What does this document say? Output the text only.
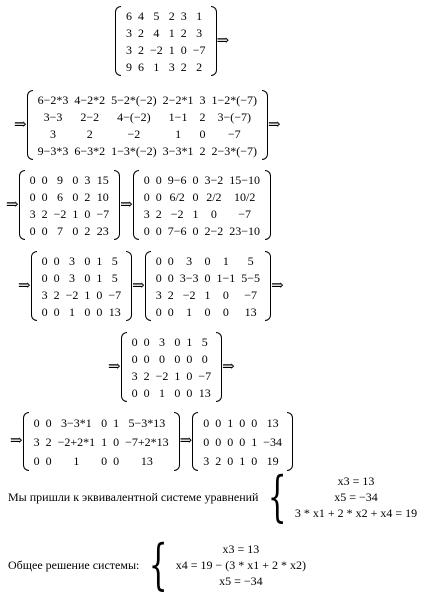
6	4	5	2	3	1
3	2	4	1	2	3
3	2	−2	1	0	−7
9	6	1	3	2	2
⇒
⇒
6−2*3	4−2*2	5−2*(−2)	2−2*1	3	1−2*(−7)
3−3	2−2	4−(−2)	1−1	2	3−(−7)
3	2	−2	1	0	−7
9−3*3	6−3*2	1−3*(−2)	3−3*1	2	2−3*(−7)
⇒
⇒
0	0	9	0	3	15
0	0	6	0	2	10
3	2	−2	1	0	−7
0	0	7	0	2	23
⇒
0	0	9−6	0	3−2	15−10
0	0	6/2	0	2/2	10/2
3	2	−2	1	0	−7
0	0	7−6	0	2−2	23−10
⇒
0	0	3	0	1	5
0	0	3	0	1	5
3	2	−2	1	0	−7
0	0	1	0	0	13
⇒
0	0	3	0	1	5
0	0	3−3	0	1−1	5−5
3	2	−2	1	0	−7
0	0	1	0	0	13
⇒
⇒
0	0	3	0	1	5
0	0	0	0	0	0
3	2	−2	1	0	−7
0	0	1	0	0	13
⇒
⇒
0	0	3−3*1	0	1	5−3*13
3	2	−2+2*1	1	0	−7+2*13
0	0	1	0	0	13
⇒
0	0	1	0	0	13
0	0	0	0	1	−34
3	2	0	1	0	19
Мы пришли к эквивалентной системе уравнений {	x3 = 13
x5 = −34
3 * x1 + 2 * x2 + x4 = 19
Общее решение системы: {	x3 = 13
x4 = 19 − (3 * x1 + 2 * x2)
x5 = −34
